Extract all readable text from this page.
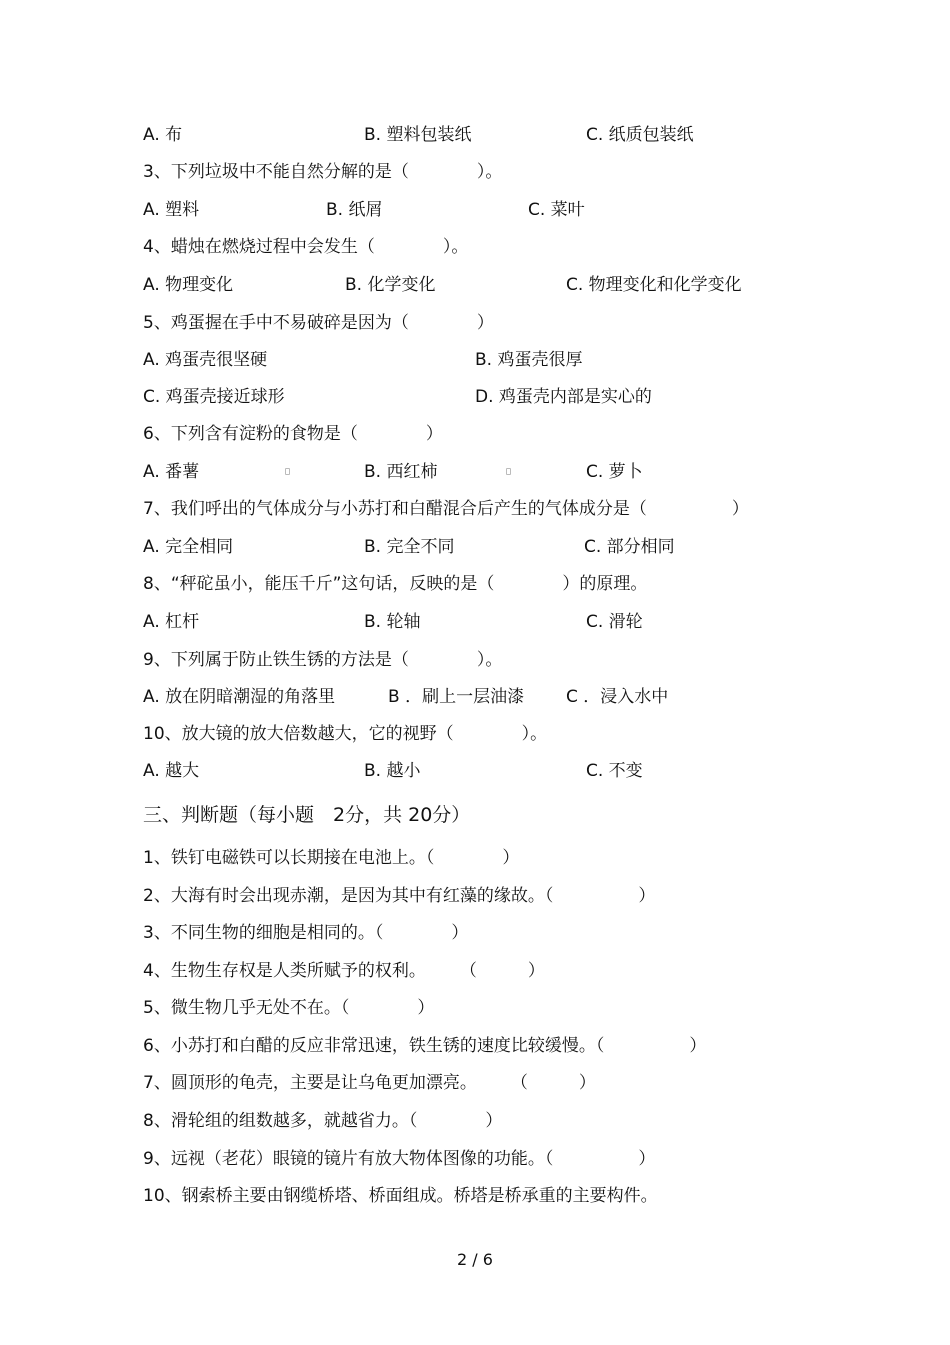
A. 布	B. 塑料包装纸	C. 纸质包装纸
3、下列垃圾中不能自然分解的是（　　　　）。
A. 塑料	B. 纸屑	C. 菜叶
4、蜡烛在燃烧过程中会发生（　　　　）。
A. 物理变化	B. 化学变化	C. 物理变化和化学变化
5、鸡蛋握在手中不易破碎是因为（　　　　）
A. 鸡蛋壳很坚硬	B. 鸡蛋壳很厚
C. 鸡蛋壳接近球形	D. 鸡蛋壳内部是实心的
6、下列含有淀粉的食物是（　　　　）
A. 番薯	B. 西红柿	C. 萝卜
7、我们呼出的气体成分与小苏打和白醋混合后产生的气体成分是（　　　　　）
A. 完全相同	B. 完全不同	C. 部分相同
8、“秤砣虽小，能压千斤”这句话，反映的是（　　　　）的原理。
A. 杠杆	B. 轮轴	C. 滑轮
9、下列属于防止铁生锈的方法是（　　　　）。
A. 放在阴暗潮湿的角落里	B ．刷上一层油漆 C ．浸入水中
10、放大镜的放大倍数越大，它的视野（　　　　）。
A. 越大	B. 越小	C. 不变
三、判断题（每小题　2分，共 20分）
1、铁钉电磁铁可以长期接在电池上。（　　　　）
2、大海有时会出现赤潮，是因为其中有红藻的缘故。（　　　　　）
3、不同生物的细胞是相同的。（　　　　）
4、生物生存权是人类所赋予的权利。　　　（　　　）
5、微生物几乎无处不在。（　　　　）
6、小苏打和白醋的反应非常迅速，铁生锈的速度比较缓慢。（　　　　　）
7、圆顶形的龟壳，主要是让乌龟更加漂亮。　　　（　　　）
8、滑轮组的组数越多，就越省力。（　　　　）
9、远视（老花）眼镜的镜片有放大物体图像的功能。（　　　　　）
10、钢索桥主要由钢缆桥塔、桥面组成。桥塔是桥承重的主要构件。
2 / 6
